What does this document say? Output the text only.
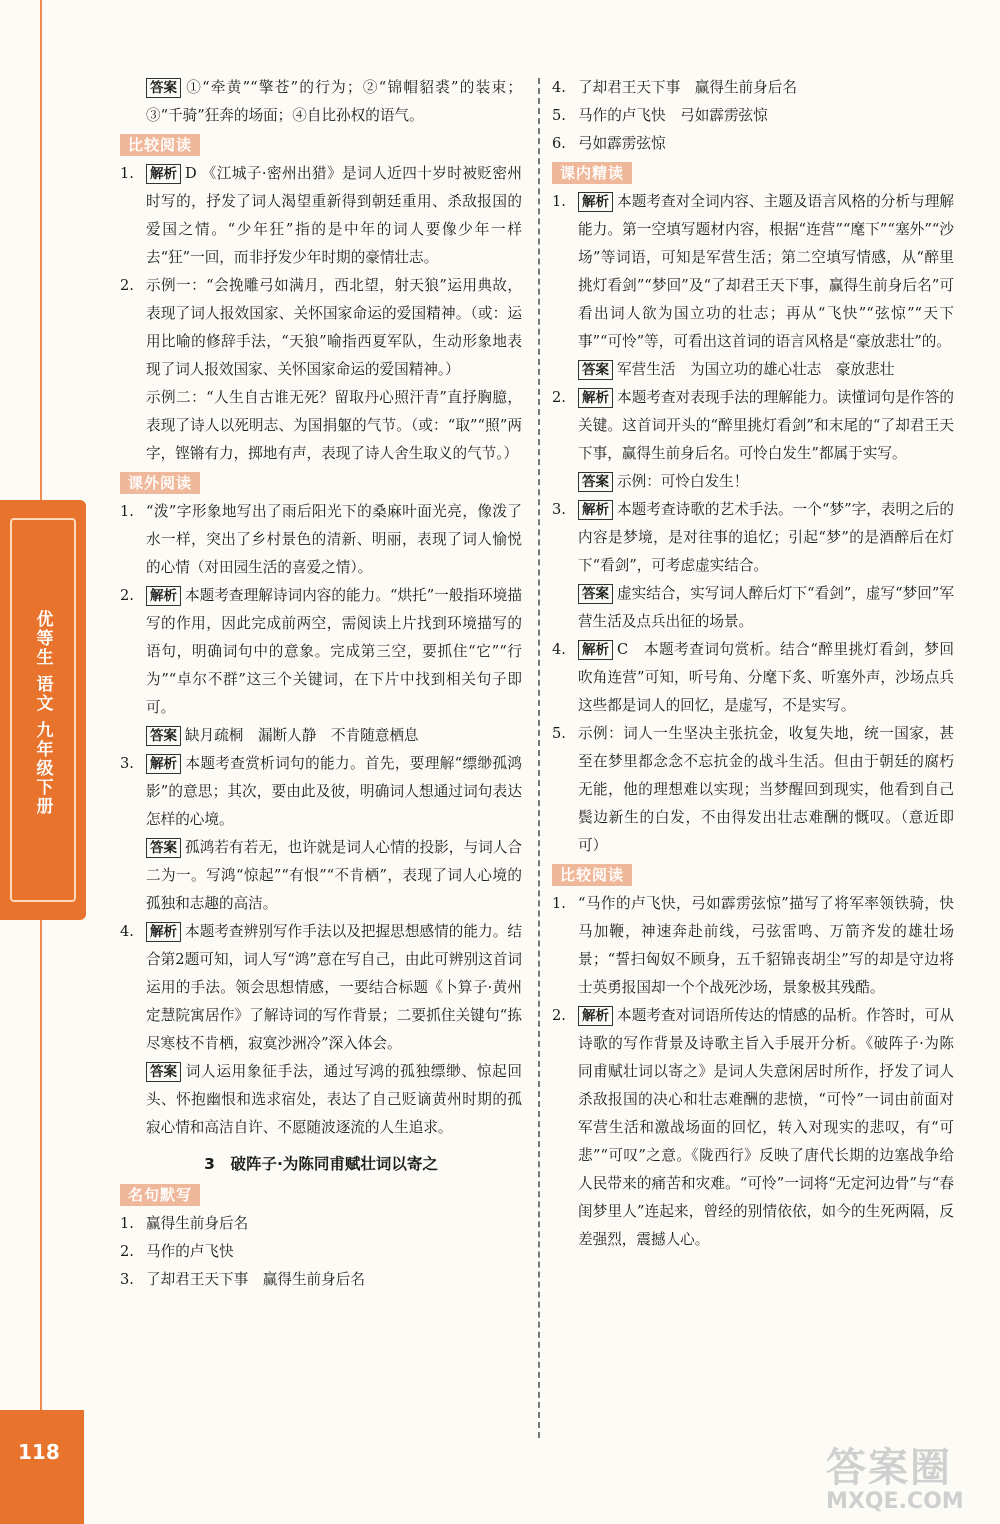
优等生 语文 九年级下册
118

答案 ①“牵黄”“擎苍”的行为；②“锦帽貂裘”的装束；③“千骑”狂奔的场面；④自比孙权的语气。

比较阅读

1. 解析 D 《江城子·密州出猎》是词人近四十岁时被贬密州时写的，抒发了词人渴望重新得到朝廷重用、杀敌报国的爱国之情。“少年狂”指的是中年的词人要像少年一样去“狂”一回，而非抒发少年时期的豪情壮志。

2. 示例一：“会挽雕弓如满月，西北望，射天狼”运用典故，表现了词人报效国家、关怀国家命运的爱国精神。（或：运用比喻的修辞手法，“天狼”喻指西夏军队，生动形象地表现了词人报效国家、关怀国家命运的爱国精神。）

示例二：“人生自古谁无死？留取丹心照汗青”直抒胸臆，表现了诗人以死明志、为国捐躯的气节。（或：“取”“照”两字，铿锵有力，掷地有声，表现了诗人舍生取义的气节。）

课外阅读

1. “泼”字形象地写出了雨后阳光下的桑麻叶面光亮，像泼了水一样，突出了乡村景色的清新、明丽，表现了词人愉悦的心情（对田园生活的喜爱之情）。

2. 解析 本题考查理解诗词内容的能力。“烘托”一般指环境描写的作用，因此完成前两空，需阅读上片找到环境描写的语句，明确词句中的意象。完成第三空，要抓住“它”“行为”“卓尔不群”这三个关键词，在下片中找到相关句子即可。

答案 缺月疏桐　漏断人静　不肯随意栖息

3. 解析 本题考查赏析词句的能力。首先，要理解“缥缈孤鸿影”的意思；其次，要由此及彼，明确词人想通过词句表达怎样的心境。

答案 孤鸿若有若无，也许就是词人心情的投影，与词人合二为一。写鸿“惊起”“有恨”“不肯栖”，表现了词人心境的孤独和志趣的高洁。

4. 解析 本题考查辨别写作手法以及把握思想感情的能力。结合第2题可知，词人写“鸿”意在写自己，由此可辨别这首词运用的手法。领会思想情感，一要结合标题《卜算子·黄州定慧院寓居作》了解诗词的写作背景；二要抓住关键句“拣尽寒枝不肯栖，寂寞沙洲冷”深入体会。

答案 词人运用象征手法，通过写鸿的孤独缥缈、惊起回头、怀抱幽恨和选求宿处，表达了自己贬谪黄州时期的孤寂心情和高洁自许、不愿随波逐流的人生追求。

3　破阵子·为陈同甫赋壮词以寄之
名句默写

1. 赢得生前身后名

2. 马作的卢飞快

3. 了却君王天下事　赢得生前身后名

4. 了却君王天下事　赢得生前身后名

5. 马作的卢飞快　弓如霹雳弦惊

6. 弓如霹雳弦惊

课内精读

1. 解析 本题考查对全词内容、主题及语言风格的分析与理解能力。第一空填写题材内容，根据“连营”“麾下”“塞外”“沙场”等词语，可知是军营生活；第二空填写情感，从“醉里挑灯看剑”“梦回”及“了却君王天下事，赢得生前身后名”可看出词人欲为国立功的壮志；再从“飞快”“弦惊”“天下事”“可怜”等，可看出这首词的语言风格是“豪放悲壮”的。

答案 军营生活　为国立功的雄心壮志　豪放悲壮

2. 解析 本题考查对表现手法的理解能力。读懂词句是作答的关键。这首词开头的“醉里挑灯看剑”和末尾的“了却君王天下事，赢得生前身后名。可怜白发生”都属于实写。

答案 示例：可怜白发生！

3. 解析 本题考查诗歌的艺术手法。一个“梦”字，表明之后的内容是梦境，是对往事的追忆；引起“梦”的是酒醉后在灯下“看剑”，可考虑虚实结合。

答案 虚实结合，实写词人醉后灯下“看剑”，虚写“梦回”军营生活及点兵出征的场景。

4. 解析 C　本题考查词句赏析。结合“醉里挑灯看剑，梦回吹角连营”可知，听号角、分麾下炙、听塞外声，沙场点兵这些都是词人的回忆，是虚写，不是实写。

5. 示例：词人一生坚决主张抗金，收复失地，统一国家，甚至在梦里都念念不忘抗金的战斗生活。但由于朝廷的腐朽无能，他的理想难以实现；当梦醒回到现实，他看到自己鬓边新生的白发，不由得发出壮志难酬的慨叹。（意近即可）

比较阅读

1. “马作的卢飞快，弓如霹雳弦惊”描写了将军率领铁骑，快马加鞭，神速奔赴前线，弓弦雷鸣、万箭齐发的雄壮场景；“誓扫匈奴不顾身，五千貂锦丧胡尘”写的却是守边将士英勇报国却一个个战死沙场，景象极其残酷。

2. 解析 本题考查对词语所传达的情感的品析。作答时，可从诗歌的写作背景及诗歌主旨入手展开分析。《破阵子·为陈同甫赋壮词以寄之》是词人失意闲居时所作，抒发了词人杀敌报国的决心和壮志难酬的悲愤，“可怜”一词由前面对军营生活和激战场面的回忆，转入对现实的悲叹，有“可悲”“可叹”之意。《陇西行》反映了唐代长期的边塞战争给人民带来的痛苦和灾难。“可怜”一词将“无定河边骨”与“春闺梦里人”连起来，曾经的别情依依，如今的生死两隔，反差强烈，震撼人心。

答案圈
MXQE.COM
